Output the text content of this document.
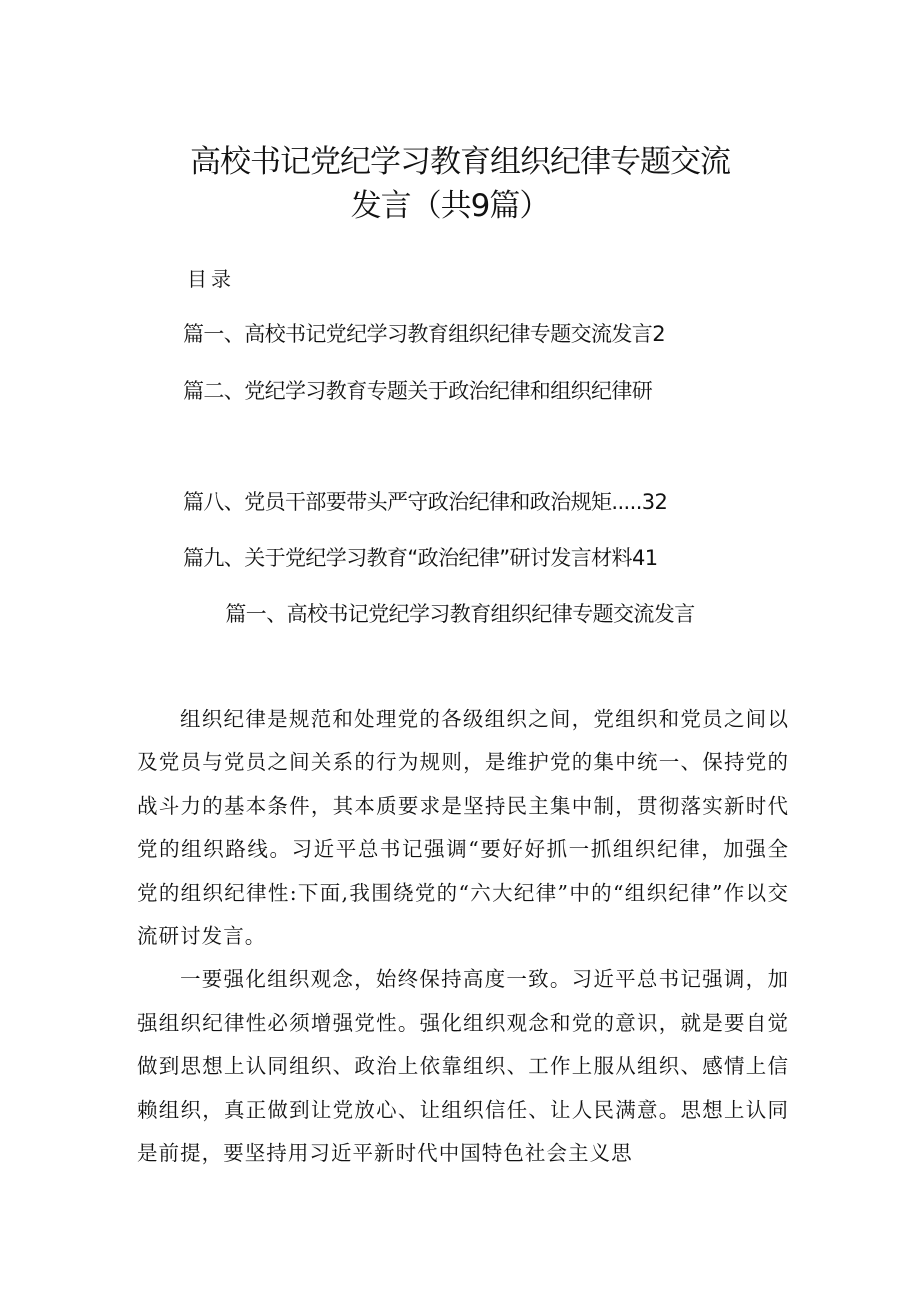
高校书记党纪学习教育组织纪律专题交流
发言（共9篇）
目录
篇一、高校书记党纪学习教育组织纪律专题交流发言2
篇二、党纪学习教育专题关于政治纪律和组织纪律研
篇八、党员干部要带头严守政治纪律和政治规矩.....32
篇九、关于党纪学习教育“政治纪律”研讨发言材料41
篇一、高校书记党纪学习教育组织纪律专题交流发言

组织纪律是规范和处理党的各级组织之间，党组织和党员之间以及党员与党员之间关系的行为规则，是维护党的集中统一、保持党的战斗力的基本条件，其本质要求是坚持民主集中制，贯彻落实新时代党的组织路线。习近平总书记强调“要好好抓一抓组织纪律，加强全党的组织纪律性:下面,我围绕党的“六大纪律”中的“组织纪律”作以交流研讨发言。

一要强化组织观念，始终保持高度一致。习近平总书记强调，加强组织纪律性必须增强党性。强化组织观念和党的意识，就是要自觉做到思想上认同组织、政治上依靠组织、工作上服从组织、感情上信赖组织，真正做到让党放心、让组织信任、让人民满意。思想上认同是前提，要坚持用习近平新时代中国特色社会主义思
